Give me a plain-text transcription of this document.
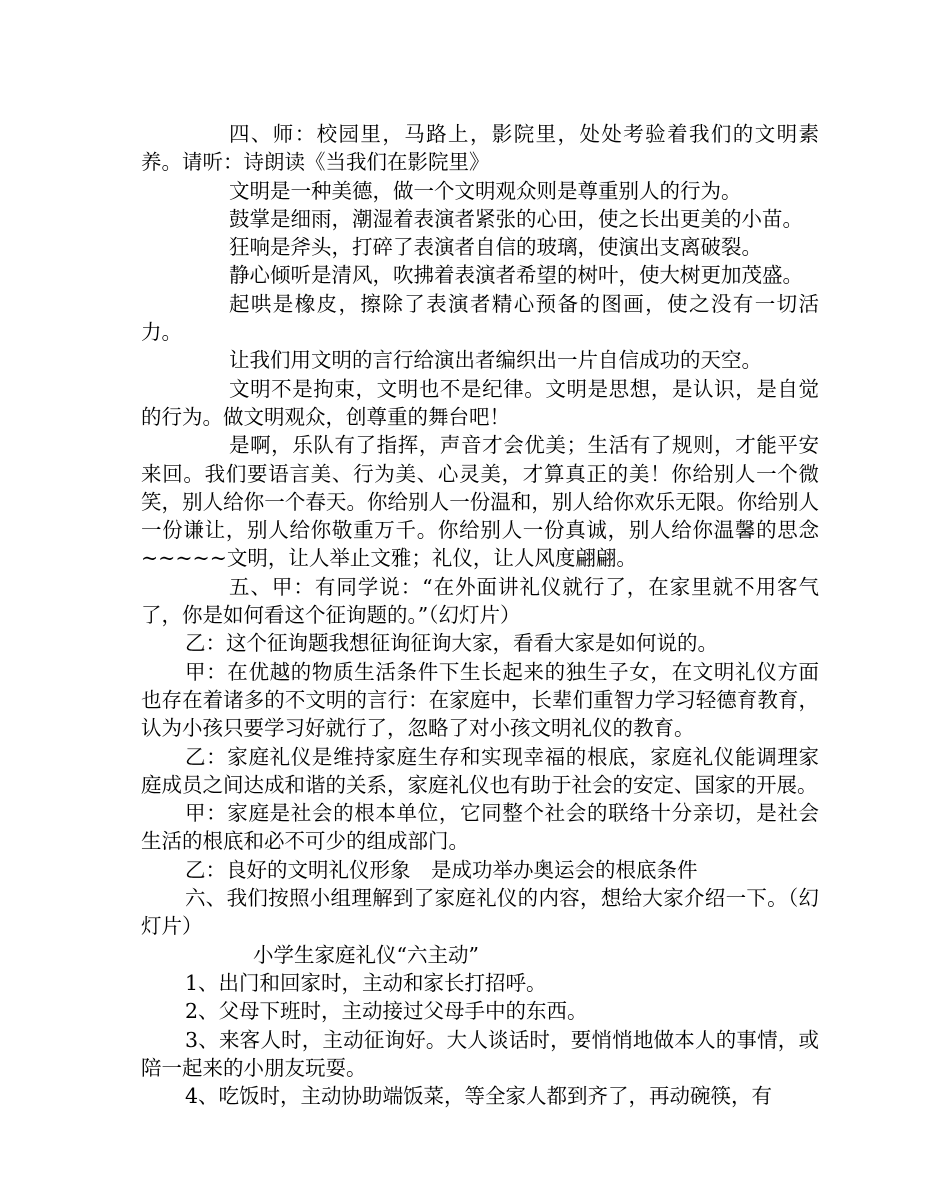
四、师：校园里，马路上，影院里，处处考验着我们的文明素养。请听：诗朗读《当我们在影院里》

文明是一种美德，做一个文明观众则是尊重别人的行为。

鼓掌是细雨，潮湿着表演者紧张的心田，使之长出更美的小苗。

狂响是斧头，打碎了表演者自信的玻璃，使演出支离破裂。

静心倾听是清风，吹拂着表演者希望的树叶，使大树更加茂盛。

起哄是橡皮，擦除了表演者精心预备的图画，使之没有一切活力。

让我们用文明的言行给演出者编织出一片自信成功的天空。

文明不是拘束，文明也不是纪律。文明是思想，是认识，是自觉的行为。做文明观众，创尊重的舞台吧！

是啊，乐队有了指挥，声音才会优美；生活有了规则，才能平安来回。我们要语言美、行为美、心灵美，才算真正的美！你给别人一个微笑，别人给你一个春天。你给别人一份温和，别人给你欢乐无限。你给别人一份谦让，别人给你敬重万千。你给别人一份真诚，别人给你温馨的思念~~~~~文明，让人举止文雅；礼仪，让人风度翩翩。

五、甲：有同学说：“在外面讲礼仪就行了，在家里就不用客气了，你是如何看这个征询题的。”（幻灯片）

乙：这个征询题我想征询征询大家，看看大家是如何说的。

甲：在优越的物质生活条件下生长起来的独生子女，在文明礼仪方面也存在着诸多的不文明的言行：在家庭中，长辈们重智力学习轻德育教育，认为小孩只要学习好就行了，忽略了对小孩文明礼仪的教育。

乙：家庭礼仪是维持家庭生存和实现幸福的根底，家庭礼仪能调理家庭成员之间达成和谐的关系，家庭礼仪也有助于社会的安定、国家的开展。

甲：家庭是社会的根本单位，它同整个社会的联络十分亲切，是社会生活的根底和必不可少的组成部门。

乙：良好的文明礼仪形象　是成功举办奥运会的根底条件

六、我们按照小组理解到了家庭礼仪的内容，想给大家介绍一下。（幻灯片）

小学生家庭礼仪“六主动”

1、出门和回家时，主动和家长打招呼。

2、父母下班时，主动接过父母手中的东西。

3、来客人时，主动征询好。大人谈话时，要悄悄地做本人的事情，或陪一起来的小朋友玩耍。

4、吃饭时，主动协助端饭菜，等全家人都到齐了，再动碗筷，有
